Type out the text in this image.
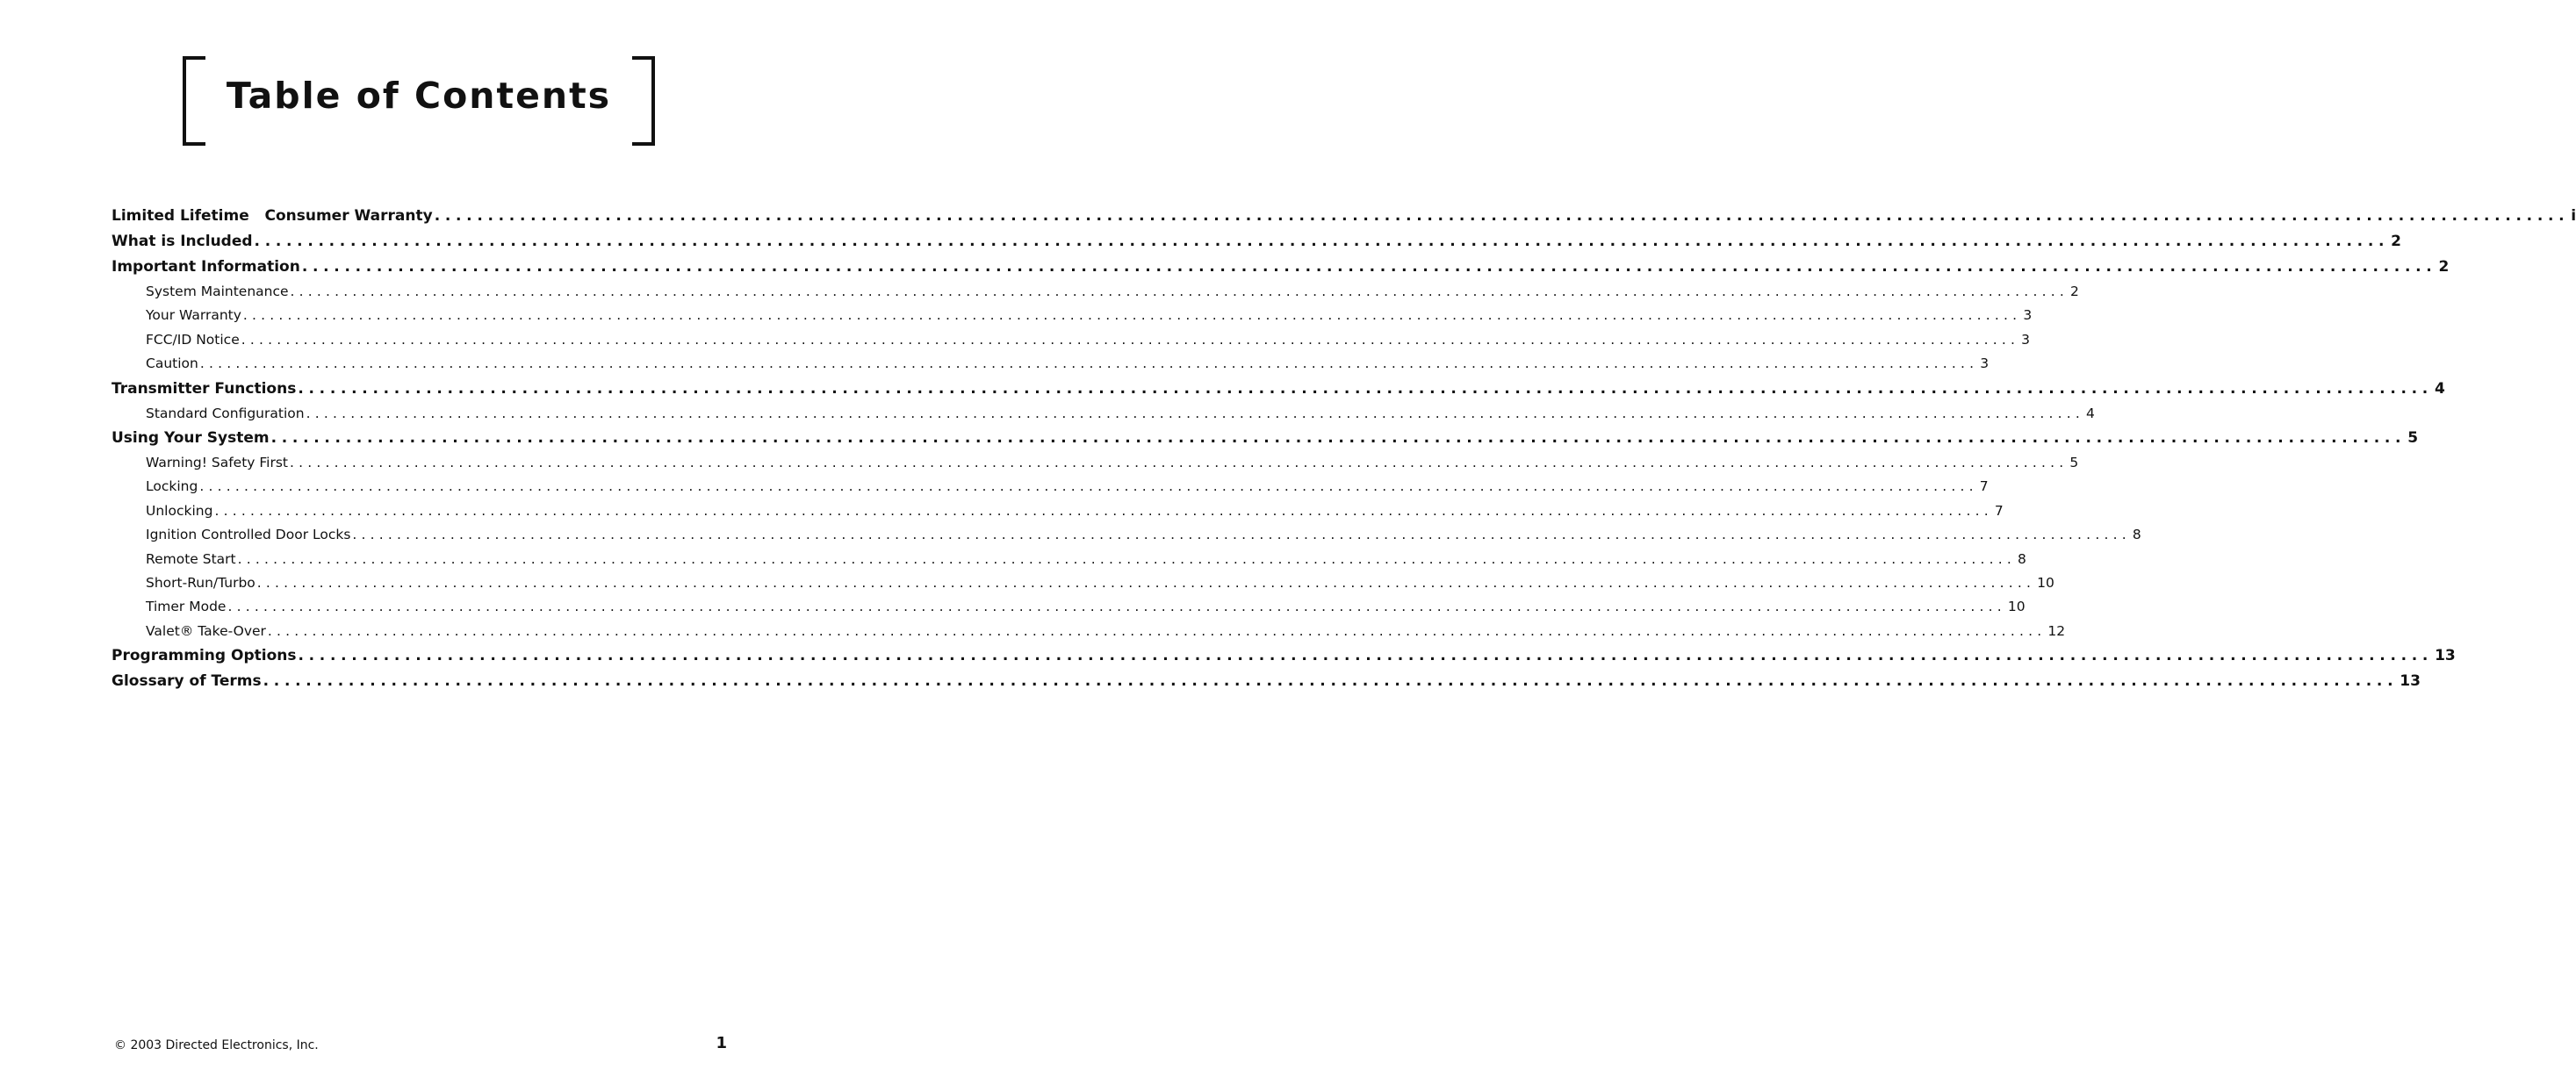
Table of Contents
Limited Lifetime   Consumer Warranty ........................................................................................................................................................................................................ i
What is Included ........................................................................................................................................................................................................ 2
Important Information ........................................................................................................................................................................................................ 2
System Maintenance ........................................................................................................................................................................................................ 2
Your Warranty ........................................................................................................................................................................................................ 3
FCC/ID Notice ........................................................................................................................................................................................................ 3
Caution ........................................................................................................................................................................................................ 3
Transmitter Functions ........................................................................................................................................................................................................ 4
Standard Configuration ........................................................................................................................................................................................................ 4
Using Your System ........................................................................................................................................................................................................ 5
Warning! Safety First ........................................................................................................................................................................................................ 5
Locking ........................................................................................................................................................................................................ 7
Unlocking ........................................................................................................................................................................................................ 7
Ignition Controlled Door Locks ........................................................................................................................................................................................................ 8
Remote Start ........................................................................................................................................................................................................ 8
Short-Run/Turbo ........................................................................................................................................................................................................ 10
Timer Mode ........................................................................................................................................................................................................ 10
Valet® Take-Over ........................................................................................................................................................................................................ 12
Programming Options ........................................................................................................................................................................................................ 13
Glossary of Terms ........................................................................................................................................................................................................ 13
© 2003 Directed Electronics, Inc.	1
